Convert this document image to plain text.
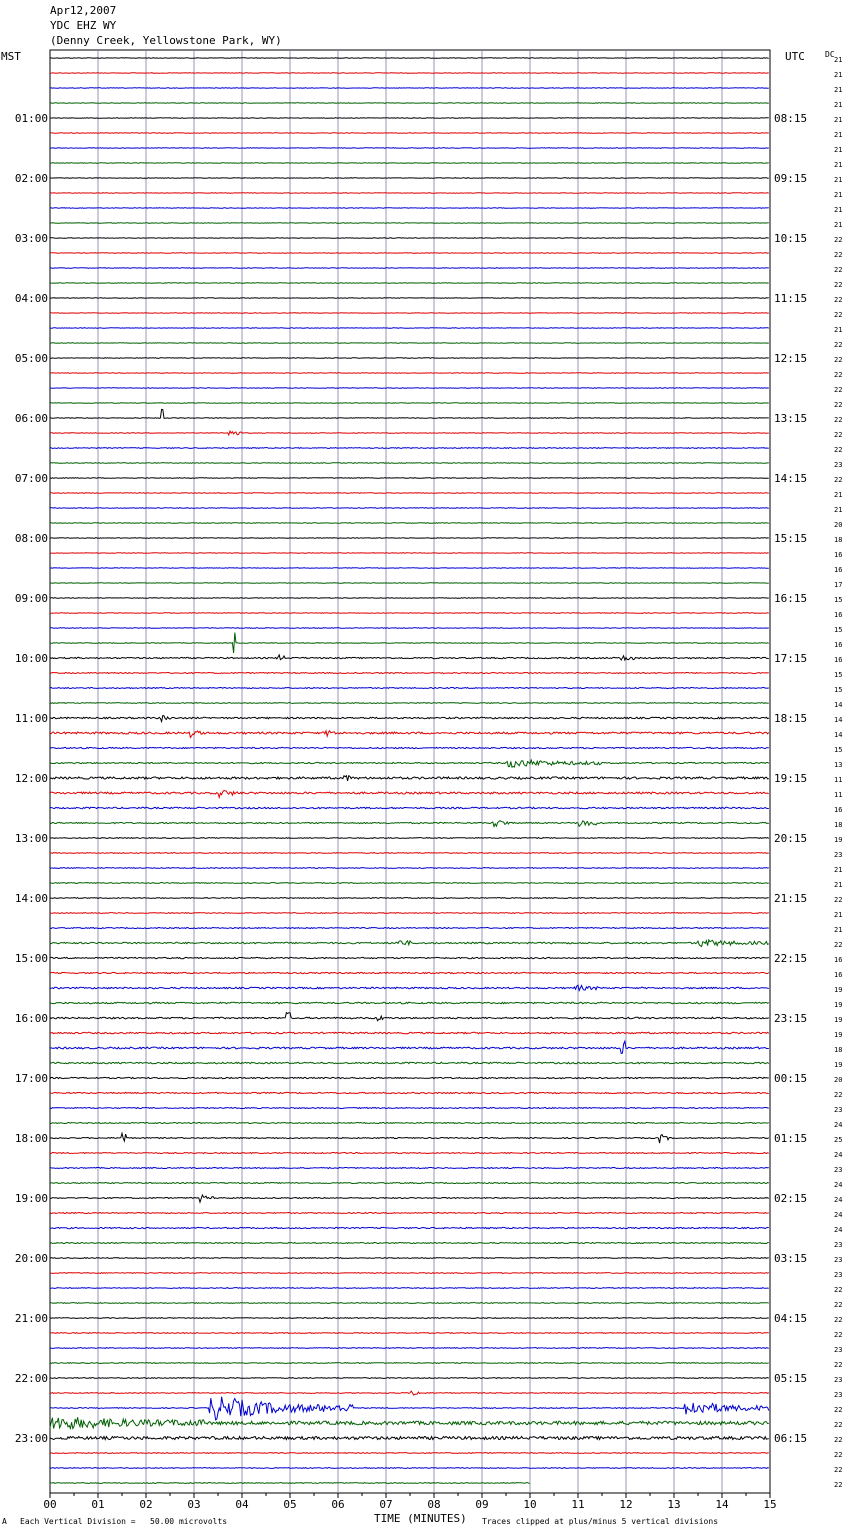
Apr12,2007
YDC EHZ WY
(Denny Creek, Yellowstone Park, WY)
MST	UTC	DC
00	01	02	03	04	05	06	07	08	09	10	11	12	13	14	15
21
21
21
21
21
21
21
21
21
21
21
21
22
22
22
22
22
22
21
22
22
22
22
22
22
22
22
23
22
21
21
20
18
16
16
17
15
16
15
16
16
15
15
14
14
14
15
13
11
11
16
18
19
23
21
21
22
21
21
22
16
16
19
19
19
19
18
19
20
22
23
24
25
24
23
24
24
24
24
23
23
23
22
22
22
22
23
22
23
23
22
22
22
22
22
22
01:00
02:00
03:00
04:00
05:00
06:00
07:00
08:00
09:00
10:00
11:00
12:00
13:00
14:00
15:00
16:00
17:00
18:00
19:00
20:00
21:00
22:00
23:00
08:15
09:15
10:15
11:15
12:15
13:15
14:15
15:15
16:15
17:15
18:15
19:15
20:15
21:15
22:15
23:15
00:15
01:15
02:15
03:15
04:15
05:15
06:15
TIME (MINUTES)
A Each Vertical Division =   50.00 microvolts	Traces clipped at plus/minus 5 vertical divisions
